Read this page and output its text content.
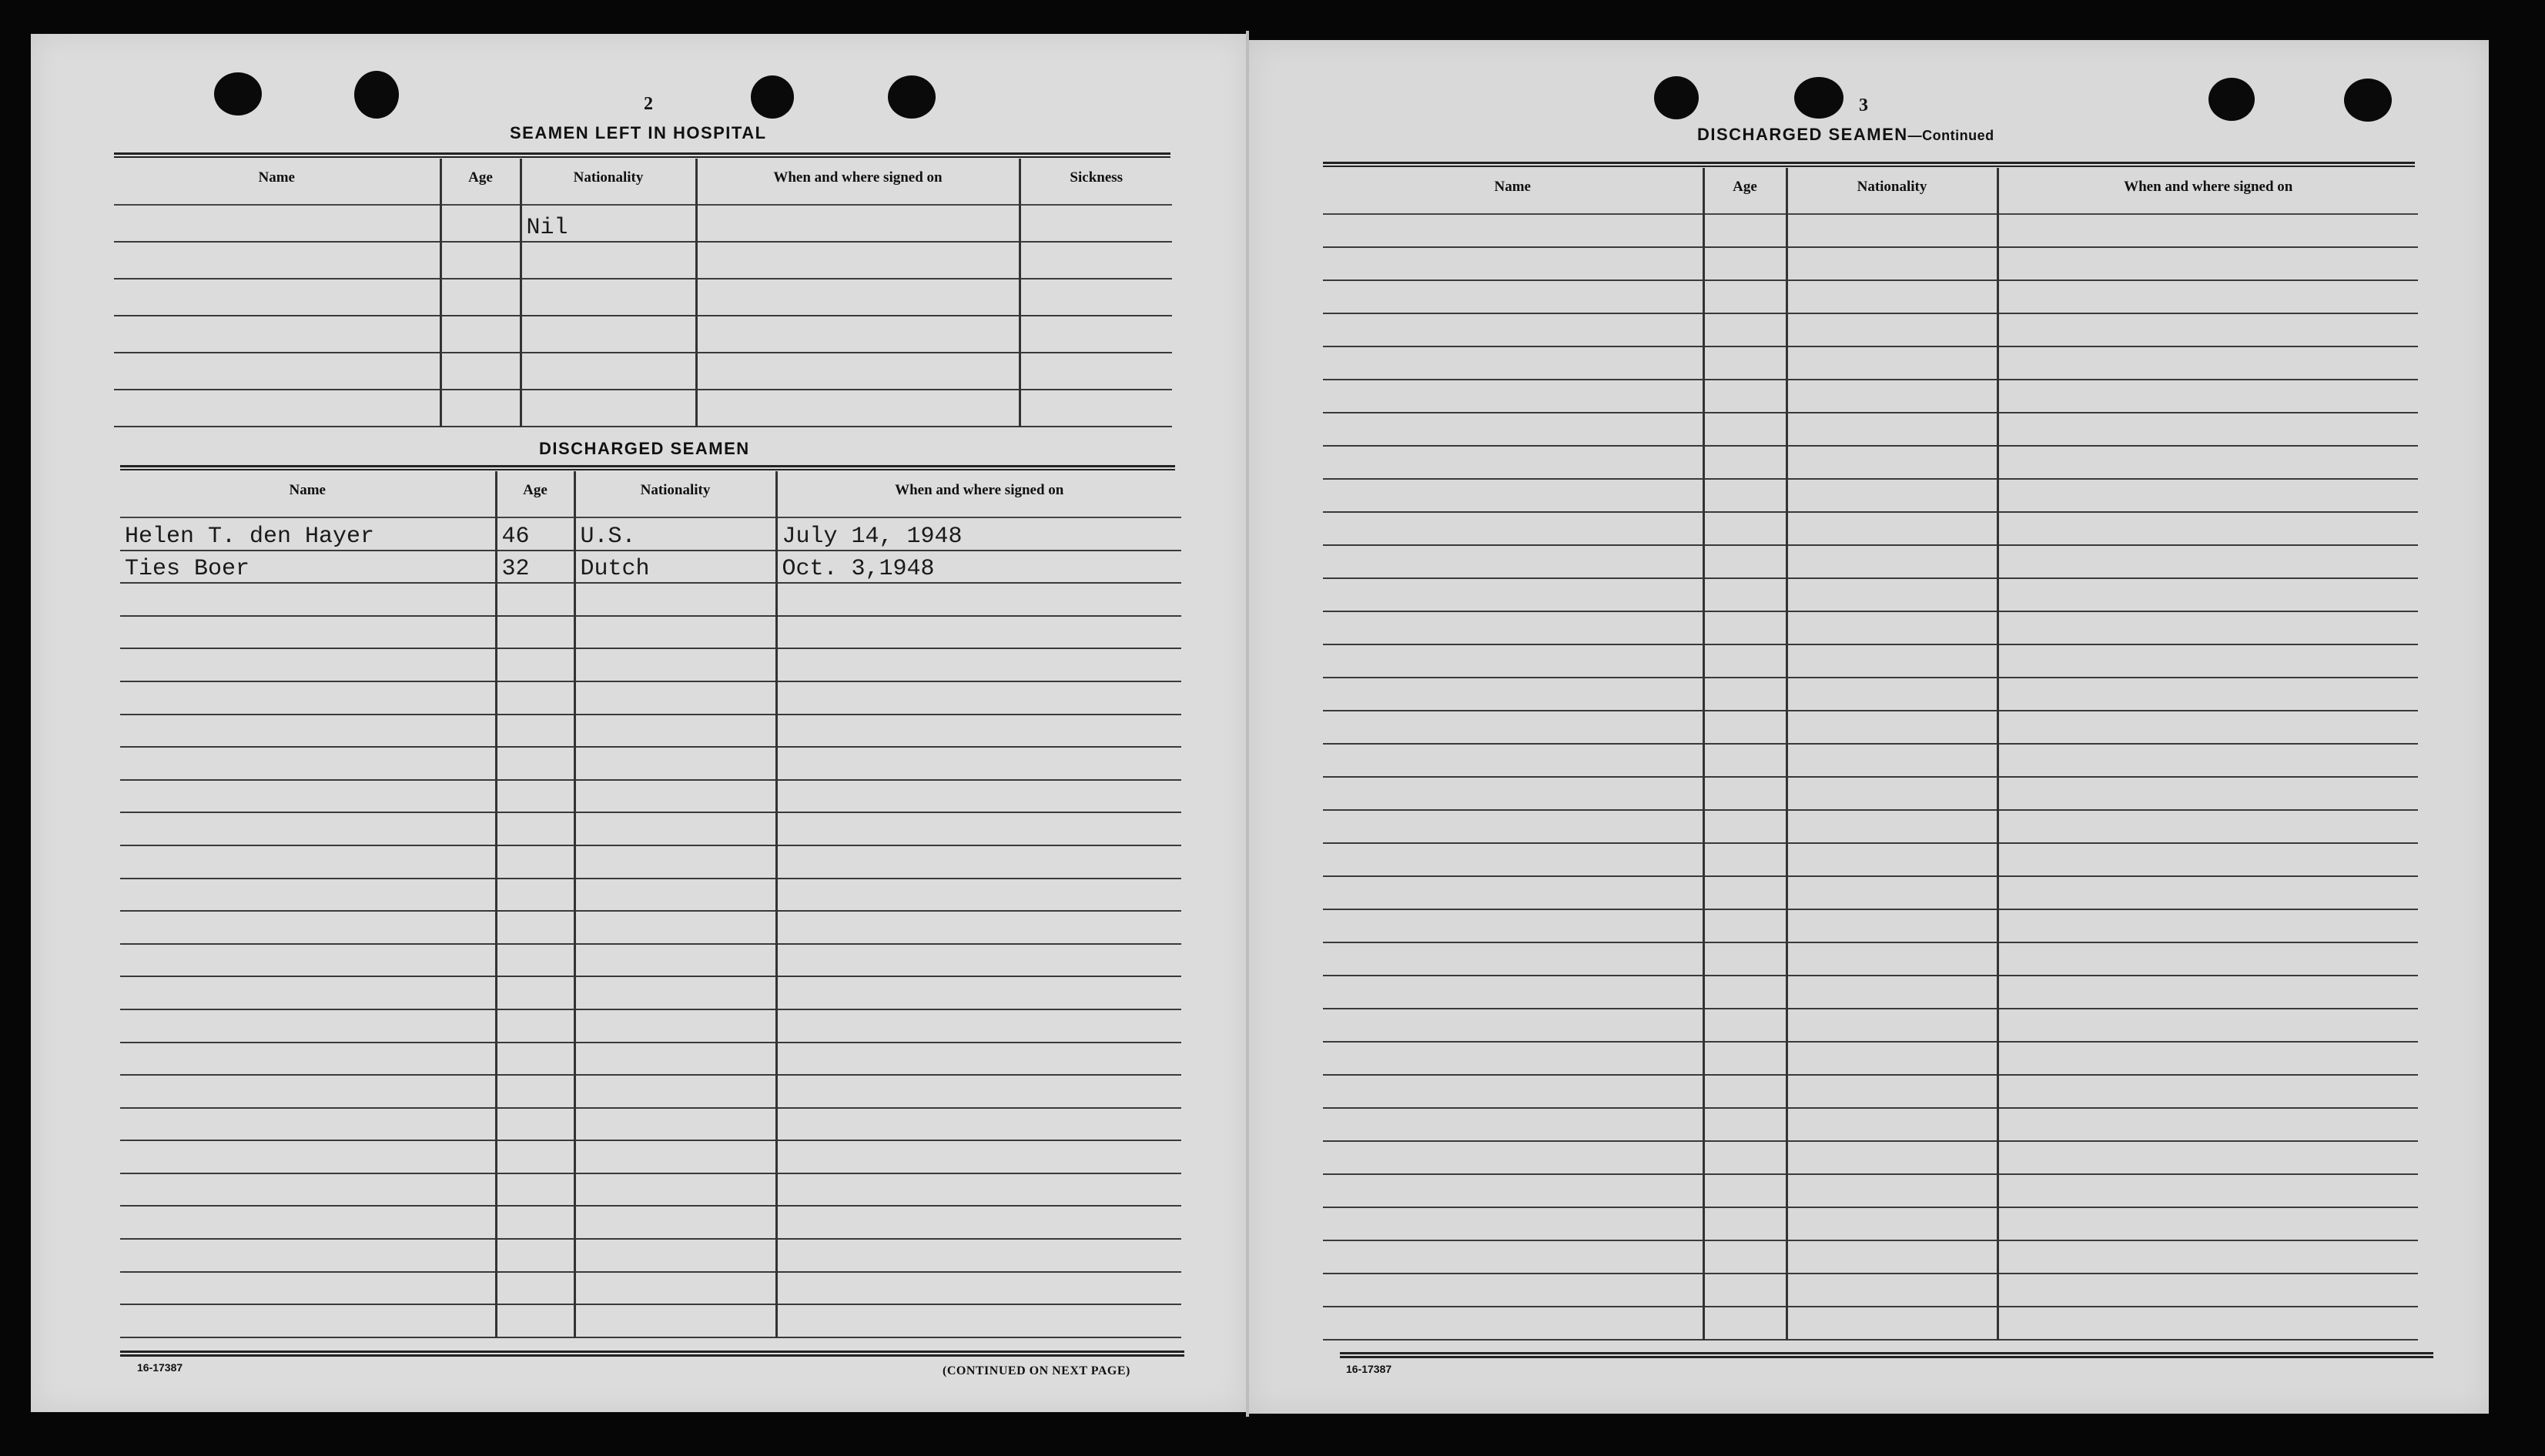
2
SEAMEN LEFT IN HOSPITAL
Name	Age	Nationality	When and where signed on	Sickness
		Nil		

DISCHARGED SEAMEN
Name	Age	Nationality	When and where signed on
Helen T. den Hayer	46	U.S.	July 14, 1948
Ties Boer	32	Dutch	Oct. 3,1948

16-17387	(CONTINUED ON NEXT PAGE)
3
DISCHARGED SEAMEN—Continued
Name	Age	Nationality	When and where signed on

16-17387
